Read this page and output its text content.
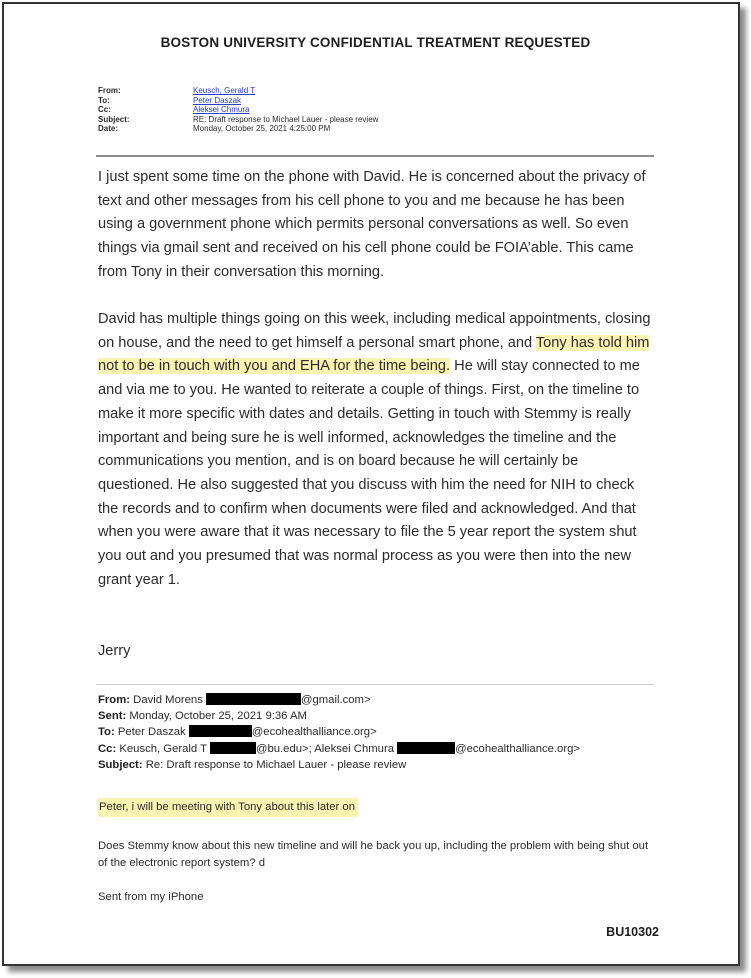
BOSTON UNIVERSITY CONFIDENTIAL TREATMENT REQUESTED
From:	Keusch, Gerald T
To:	Peter Daszak
Cc:	Aleksei Chmura
Subject:	RE: Draft response to Michael Lauer - please review
Date:	Monday, October 25, 2021 4:25:00 PM

I just spent some time on the phone with David. He is concerned about the privacy of text and other messages from his cell phone to you and me because he has been using a government phone which permits personal conversations as well. So even things via gmail sent and received on his cell phone could be FOIA’able. This came from Tony in their conversation this morning.

David has multiple things going on this week, including medical appointments, closing on house, and the need to get himself a personal smart phone, and Tony has told him not to be in touch with you and EHA for the time being. He will stay connected to me and via me to you. He wanted to reiterate a couple of things. First, on the timeline to make it more specific with dates and details. Getting in touch with Stemmy is really important and being sure he is well informed, acknowledges the timeline and the communications you mention, and is on board because he will certainly be questioned. He also suggested that you discuss with him the need for NIH to check the records and to confirm when documents were filed and acknowledged. And that when you were aware that it was necessary to file the 5 year report the system shut you out and you presumed that was normal process as you were then into the new grant year 1.

Jerry
From: David Morens	@gmail.com>
Sent: Monday, October 25, 2021 9:36 AM
To: Peter Daszak	@ecohealthalliance.org>
Cc: Keusch, Gerald T	@bu.edu>; Aleksei Chmura	@ecohealthalliance.org>
Subject: Re: Draft response to Michael Lauer - please review
Peter, i will be meeting with Tony about this later on
Does Stemmy know about this new timeline and will he back you up, including the problem with being shut out of the electronic report system? d
Sent from my iPhone
BU10302
